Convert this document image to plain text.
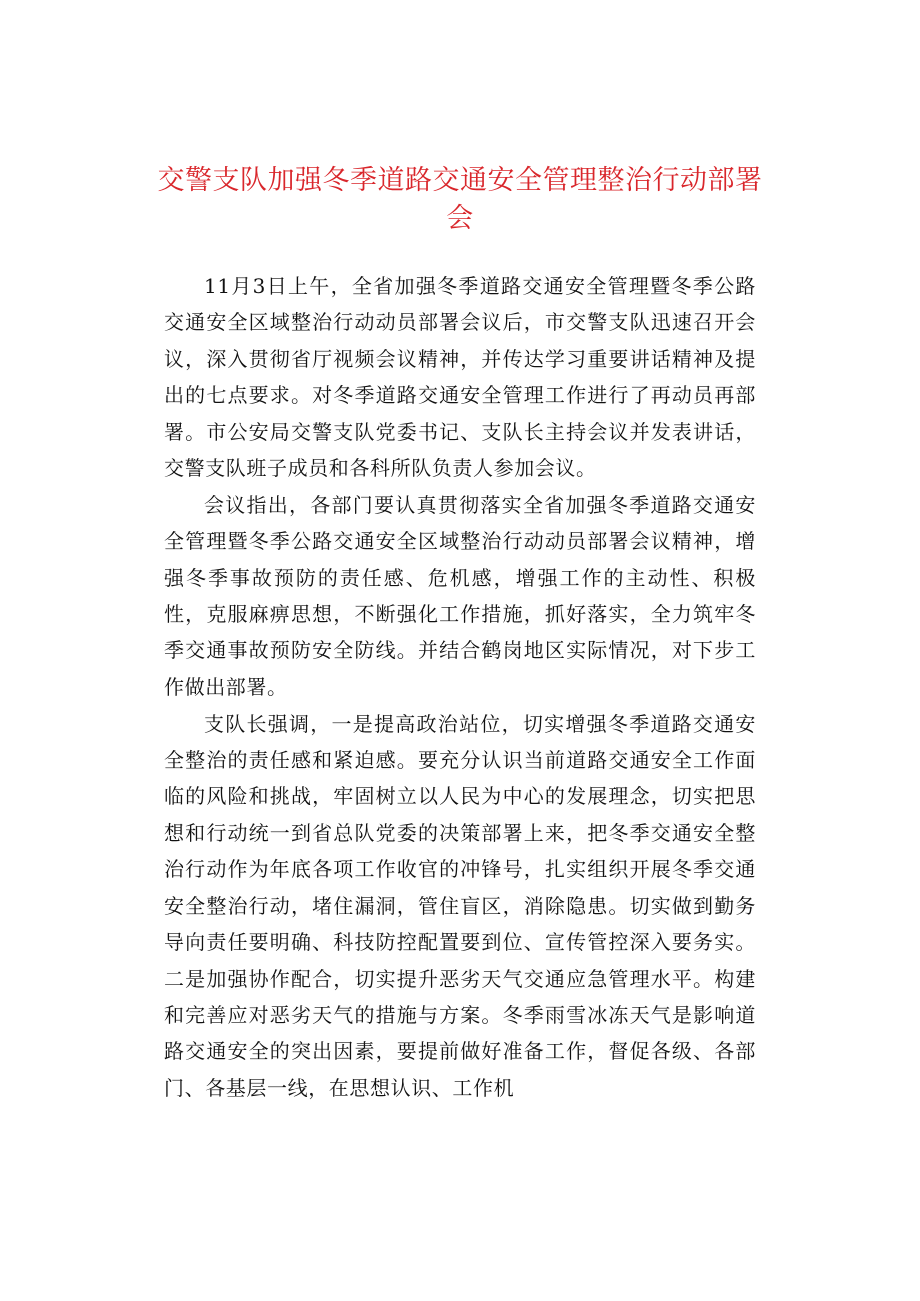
交警支队加强冬季道路交通安全管理整治行动部署会

11月3日上午，全省加强冬季道路交通安全管理暨冬季公路交通安全区域整治行动动员部署会议后，市交警支队迅速召开会议，深入贯彻省厅视频会议精神，并传达学习重要讲话精神及提出的七点要求。对冬季道路交通安全管理工作进行了再动员再部署。市公安局交警支队党委书记、支队长主持会议并发表讲话，交警支队班子成员和各科所队负责人参加会议。

会议指出，各部门要认真贯彻落实全省加强冬季道路交通安全管理暨冬季公路交通安全区域整治行动动员部署会议精神，增强冬季事故预防的责任感、危机感，增强工作的主动性、积极性，克服麻痹思想，不断强化工作措施，抓好落实，全力筑牢冬季交通事故预防安全防线。并结合鹤岗地区实际情况，对下步工作做出部署。

支队长强调，一是提高政治站位，切实增强冬季道路交通安全整治的责任感和紧迫感。要充分认识当前道路交通安全工作面临的风险和挑战，牢固树立以人民为中心的发展理念，切实把思想和行动统一到省总队党委的决策部署上来，把冬季交通安全整治行动作为年底各项工作收官的冲锋号，扎实组织开展冬季交通安全整治行动，堵住漏洞，管住盲区，消除隐患。切实做到勤务导向责任要明确、科技防控配置要到位、宣传管控深入要务实。二是加强协作配合，切实提升恶劣天气交通应急管理水平。构建和完善应对恶劣天气的措施与方案。冬季雨雪冰冻天气是影响道路交通安全的突出因素，要提前做好准备工作，督促各级、各部门、各基层一线，在思想认识、工作机
